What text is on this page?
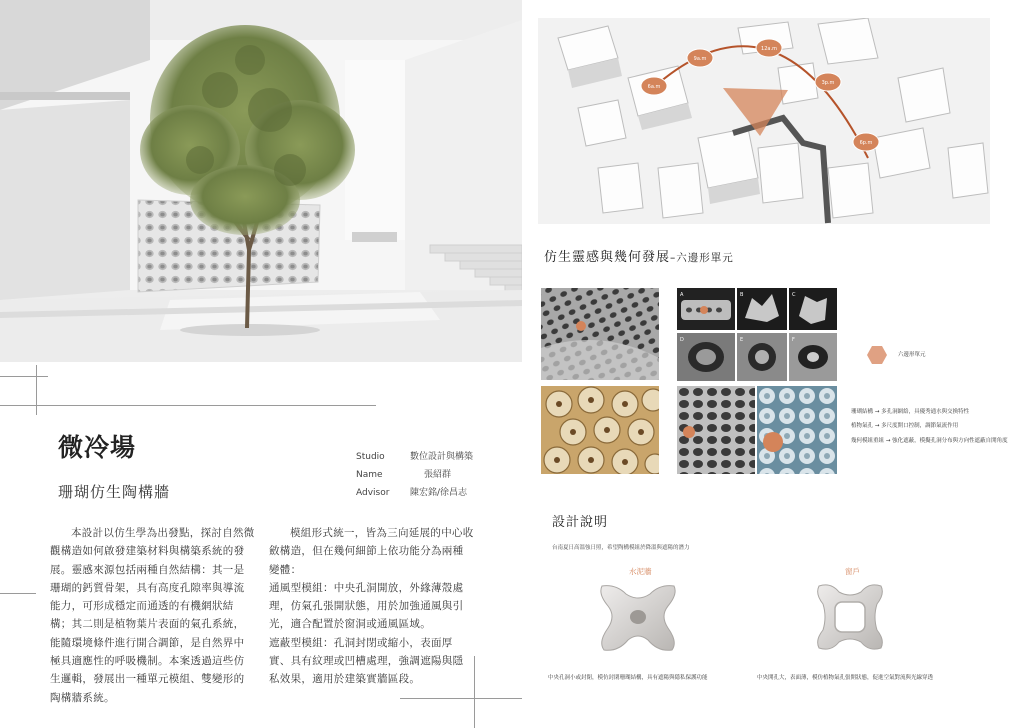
微冷場
珊瑚仿生陶構牆
Studio	數位設計與構築
Name	張紹群
Advisor 陳宏銘/徐昌志

本設計以仿生學為出發點，探討自然微觀構造如何啟發建築材料與構築系統的發展。靈感來源包括兩種自然結構：其一是珊瑚的鈣質骨架，具有高度孔隙率與導流能力，可形成穩定而通透的有機網狀結構；其二則是植物葉片表面的氣孔系統，能隨環境條件進行開合調節，是自然界中極具適應性的呼吸機制。本案透過這些仿生邏輯，發展出一種單元模組、雙變形的陶構牆系統。

模組形式統一，皆為三向延展的中心收斂構造，但在幾何細節上依功能分為兩種變體：

通風型模組：中央孔洞開放，外緣薄殼處理，仿氣孔張開狀態，用於加強通風與引光，適合配置於窗洞或通風區域。

遮蔽型模組：孔洞封閉或縮小，表面厚實、具有紋理或凹槽處理，強調遮陽與隱私效果，適用於建築實牆區段。

6a.m
9a.m
12a.m
3p.m
6p.m
仿生靈感與幾何發展–六邊形單元
A	B	C
D	E	F
六邊形單元
珊瑚結構 → 多孔洞網絡，具優秀通水與交換特性
植物氣孔 → 多尺度開口控制，調節氣流作用
幾何模組重組 → 強化遮蔽，模擬孔洞分布與方向性遮蔽自開角度
設計說明
台南夏日高溫強日照，希望陶構模組於降溫與遮陽的潛力
水泥牆	窗戶
中央孔洞小或封閉，模仿封閉珊瑚結構，具有遮陽與隱私保護功能	中央開孔大，表面薄，模仿植物氣孔張開狀態，促進空氣對流與光線穿透
